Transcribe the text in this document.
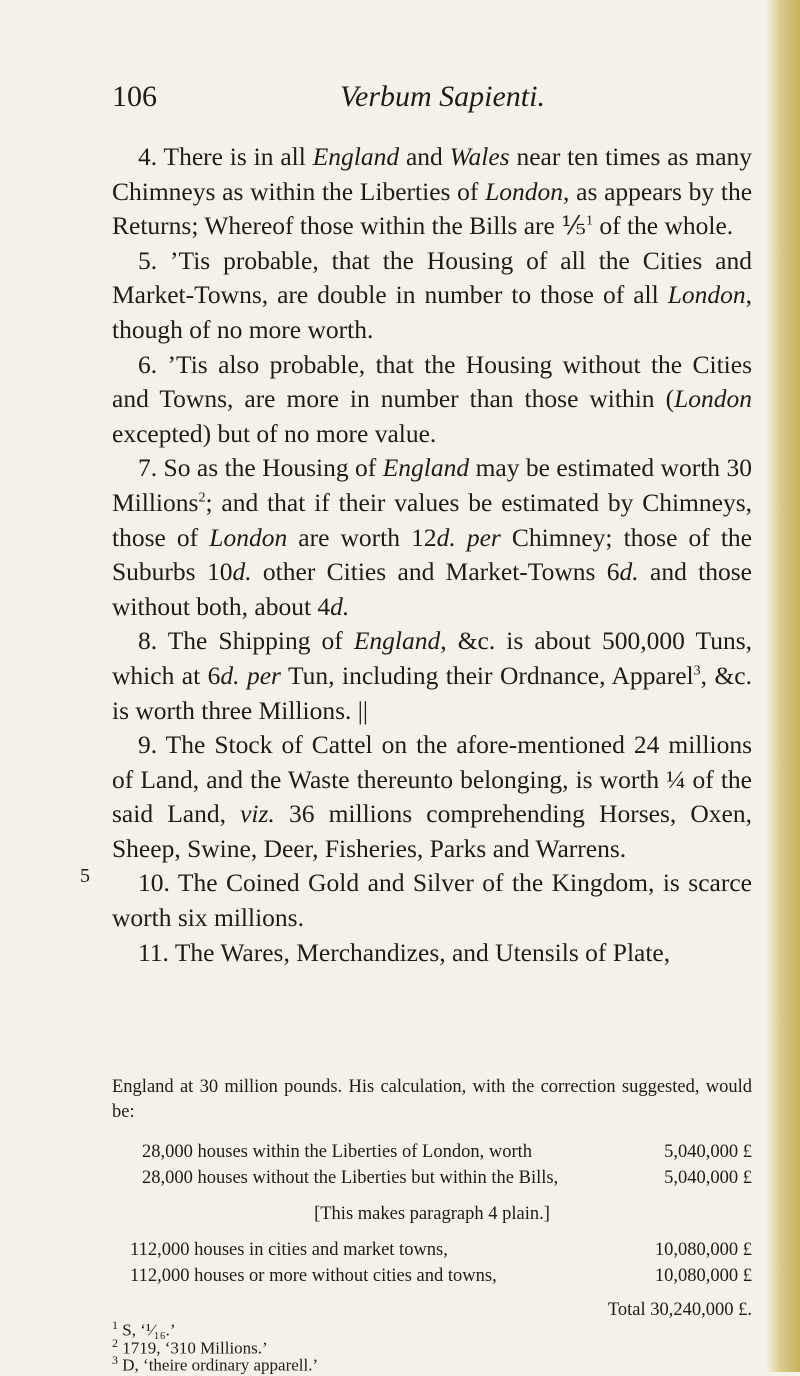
106	Verbum Sapienti.
5

4. There is in all England and Wales near ten times as many Chimneys as within the Liberties of London, as appears by the Returns; Whereof those within the Bills are ⅕$^1$ of the whole.

5. ’Tis probable, that the Housing of all the Cities and Market-Towns, are double in number to those of all London, though of no more worth.

6. ’Tis also probable, that the Housing without the Cities and Towns, are more in number than those within (London excepted) but of no more value.

7. So as the Housing of England may be estimated worth 30 Millions$^2$; and that if their values be estimated by Chimneys, those of London are worth 12d. per Chimney; those of the Suburbs 10d. other Cities and Market-Towns 6d. and those without both, about 4d.

8. The Shipping of England, &c. is about 500,000 Tuns, which at 6d. per Tun, including their Ordnance, Apparel$^3$, &c. is worth three Millions. ||

9. The Stock of Cattel on the afore-mentioned 24 millions of Land, and the Waste thereunto belonging, is worth ¼ of the said Land, viz. 36 millions comprehending Horses, Oxen, Sheep, Swine, Deer, Fisheries, Parks and Warrens.

10. The Coined Gold and Silver of the Kingdom, is scarce worth six millions.

11. The Wares, Merchandizes, and Utensils of Plate,

England at 30 million pounds. His calculation, with the correction suggested, would be:
28,000 houses within the Liberties of London, worth	5,040,000 £
28,000 houses without the Liberties but within the Bills,	5,040,000 £
[This makes paragraph 4 plain.]
112,000 houses in cities and market towns,	10,080,000 £
112,000 houses or more without cities and towns,	10,080,000 £
Total 30,240,000 £.
$^1$ S, ‘¹⁄₁₆.’
$^2$ 1719, ‘310 Millions.’
$^3$ D, ‘theire ordinary apparell.’
